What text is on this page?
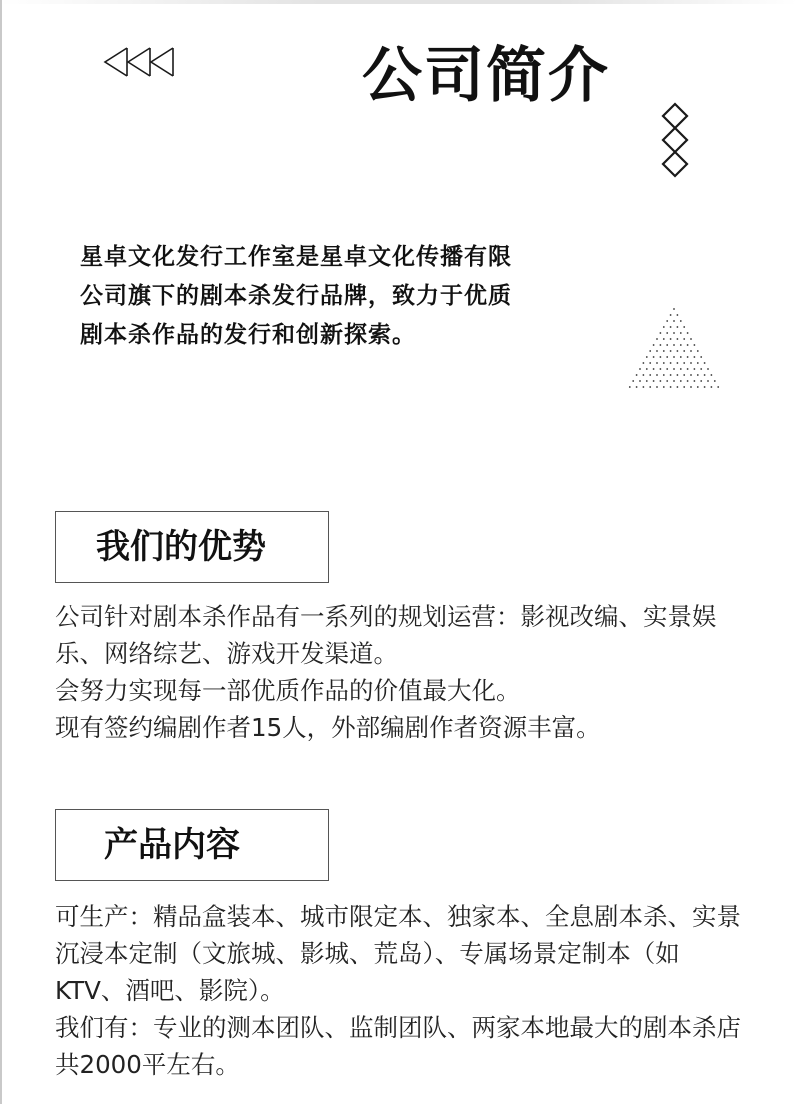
公司简介

星卓文化发行工作室是星卓文化传播有限公司旗下的剧本杀发行品牌，致力于优质剧本杀作品的发行和创新探索。

我们的优势

公司针对剧本杀作品有一系列的规划运营：影视改编、实景娱乐、网络综艺、游戏开发渠道。

会努力实现每一部优质作品的价值最大化。

现有签约编剧作者15人，外部编剧作者资源丰富。

产品内容

可生产：精品盒装本、城市限定本、独家本、全息剧本杀、实景沉浸本定制（文旅城、影城、荒岛）、专属场景定制本（如KTV、酒吧、影院）。

我们有：专业的测本团队、监制团队、两家本地最大的剧本杀店共2000平左右。
